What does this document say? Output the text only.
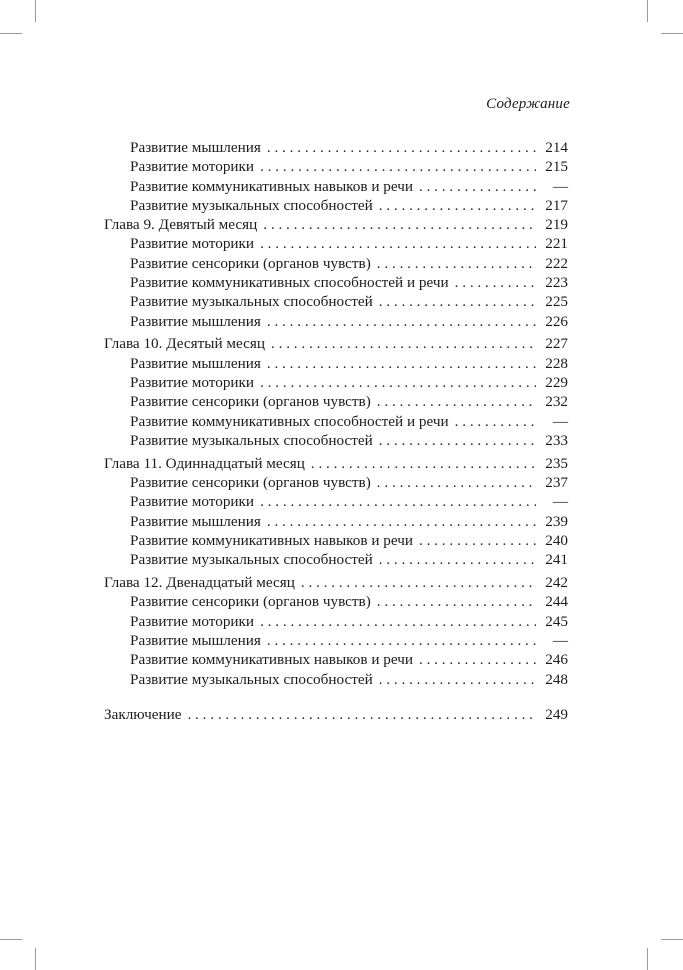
Содержание
Развитие мышления . . .	214
Развитие моторики . . .	215
Развитие коммуникативных навыков и речи . . .	—
Развитие музыкальных способностей . . .	217
Глава 9. Девятый месяц . . .	219
Развитие моторики . . .	221
Развитие сенсорики (органов чувств) . . .	222
Развитие коммуникативных способностей и речи . . .	223
Развитие музыкальных способностей . . .	225
Развитие мышления . . .	226
Глава 10. Десятый месяц . . .	227
Развитие мышления . . .	228
Развитие моторики . . .	229
Развитие сенсорики (органов чувств) . . .	232
Развитие коммуникативных способностей и речи . . .	—
Развитие музыкальных способностей . . .	233
Глава 11. Одиннадцатый месяц . . .	235
Развитие сенсорики (органов чувств) . . .	237
Развитие моторики . . .	—
Развитие мышления . . .	239
Развитие коммуникативных навыков и речи . . .	240
Развитие музыкальных способностей . . .	241
Глава 12. Двенадцатый месяц . . .	242
Развитие сенсорики (органов чувств) . . .	244
Развитие моторики . . .	245
Развитие мышления . . .	—
Развитие коммуникативных навыков и речи . . .	246
Развитие музыкальных способностей . . .	248
Заключение . . .	249
